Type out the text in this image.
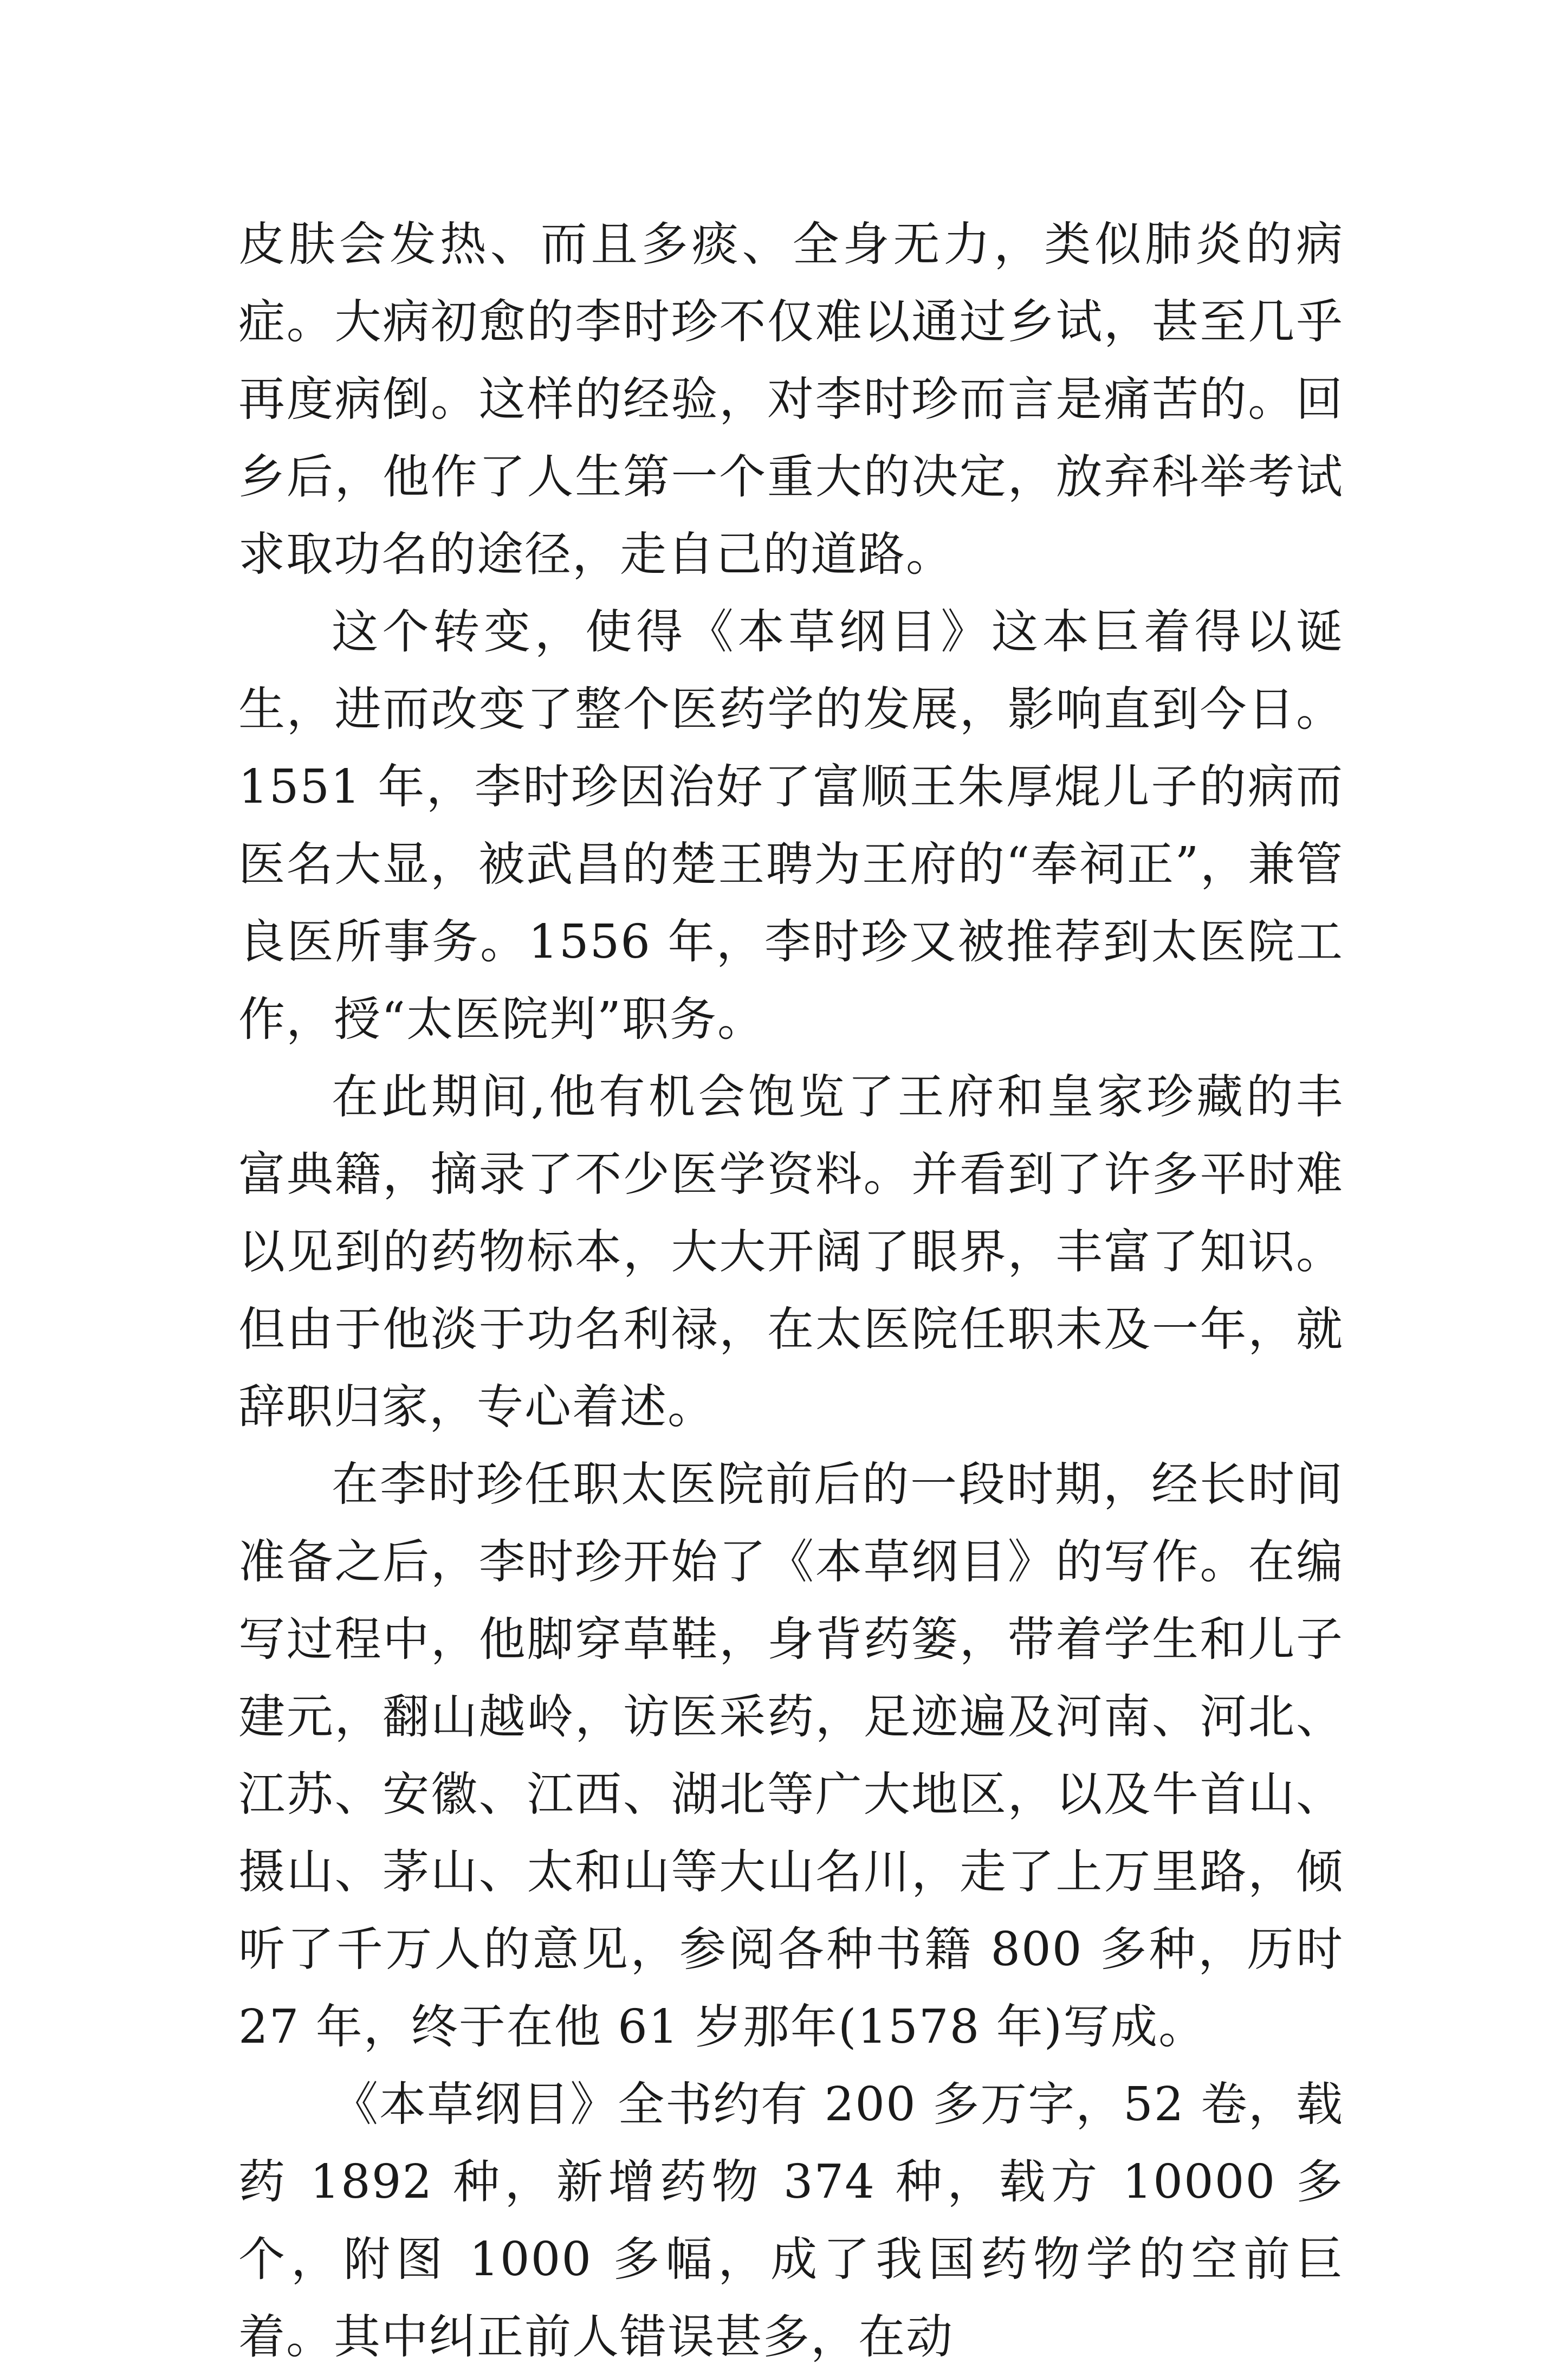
皮肤会发热、而且多痰、全身无力，类似肺炎的病症。大病初愈的李时珍不仅难以通过乡试，甚至几乎再度病倒。这样的经验，对李时珍而言是痛苦的。回乡后，他作了人生第一个重大的决定，放弃科举考试求取功名的途径，走自己的道路。

这个转变，使得《本草纲目》这本巨着得以诞生，进而改变了整个医药学的发展，影响直到今日。1551 年，李时珍因治好了富顺王朱厚焜儿子的病而医名大显，被武昌的楚王聘为王府的“奉祠正”，兼管良医所事务。1556 年，李时珍又被推荐到太医院工作，授“太医院判”职务。

在此期间,他有机会饱览了王府和皇家珍藏的丰富典籍，摘录了不少医学资料。并看到了许多平时难以见到的药物标本，大大开阔了眼界，丰富了知识。但由于他淡于功名利禄，在太医院任职未及一年，就辞职归家，专心着述。

在李时珍任职太医院前后的一段时期，经长时间准备之后，李时珍开始了《本草纲目》的写作。在编写过程中，他脚穿草鞋，身背药篓，带着学生和儿子建元，翻山越岭，访医采药，足迹遍及河南、河北、江苏、安徽、江西、湖北等广大地区，以及牛首山、摄山、茅山、太和山等大山名川，走了上万里路，倾听了千万人的意见，参阅各种书籍 800 多种，历时 27 年，终于在他 61 岁那年(1578 年)写成。

《本草纲目》全书约有 200 多万字，52 卷，载药 1892 种，新增药物 374 种，载方 10000 多个，附图 1000 多幅，成了我国药物学的空前巨着。其中纠正前人错误甚多，在动
